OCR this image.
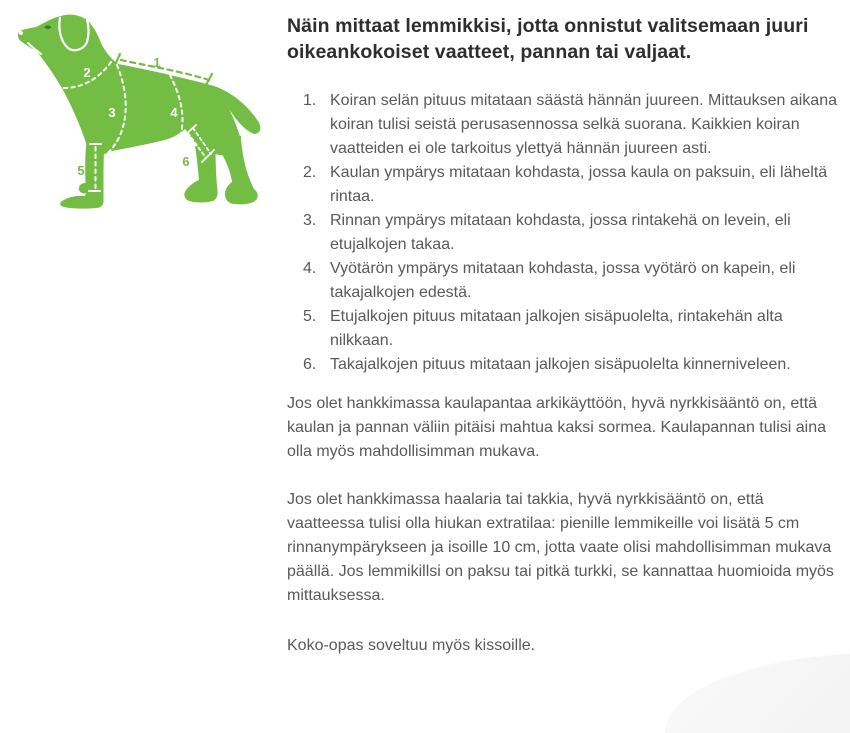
1
2
3	4
5
6
Näin mittaat lemmikkisi, jotta onnistut valitsemaan juuri oikeankokoiset vaatteet, pannan tai valjaat.
1. Koiran selän pituus mitataan säästä hännän juureen. Mittauksen aikana koiran tulisi seistä perusasennossa selkä suorana. Kaikkien koiran vaatteiden ei ole tarkoitus ylettyä hännän juureen asti.
2. Kaulan ympärys mitataan kohdasta, jossa kaula on paksuin, eli läheltä rintaa.
3. Rinnan ympärys mitataan kohdasta, jossa rintakehä on levein, eli etujalkojen takaa.
4. Vyötärön ympärys mitataan kohdasta, jossa vyötärö on kapein, eli takajalkojen edestä.
5. Etujalkojen pituus mitataan jalkojen sisäpuolelta, rintakehän alta nilkkaan.
6. Takajalkojen pituus mitataan jalkojen sisäpuolelta kinnerniveleen.

Jos olet hankkimassa kaulapantaa arkikäyttöön, hyvä nyrkkisääntö on, että kaulan ja pannan väliin pitäisi mahtua kaksi sormea. Kaulapannan tulisi aina olla myös mahdollisimman mukava.

Jos olet hankkimassa haalaria tai takkia, hyvä nyrkkisääntö on, että vaatteessa tulisi olla hiukan extratilaa: pienille lemmikeille voi lisätä 5 cm rinnanympärykseen ja isoille 10 cm, jotta vaate olisi mahdollisimman mukava päällä. Jos lemmikillsi on paksu tai pitkä turkki, se kannattaa huomioida myös mittauksessa.

Koko-opas soveltuu myös kissoille.
